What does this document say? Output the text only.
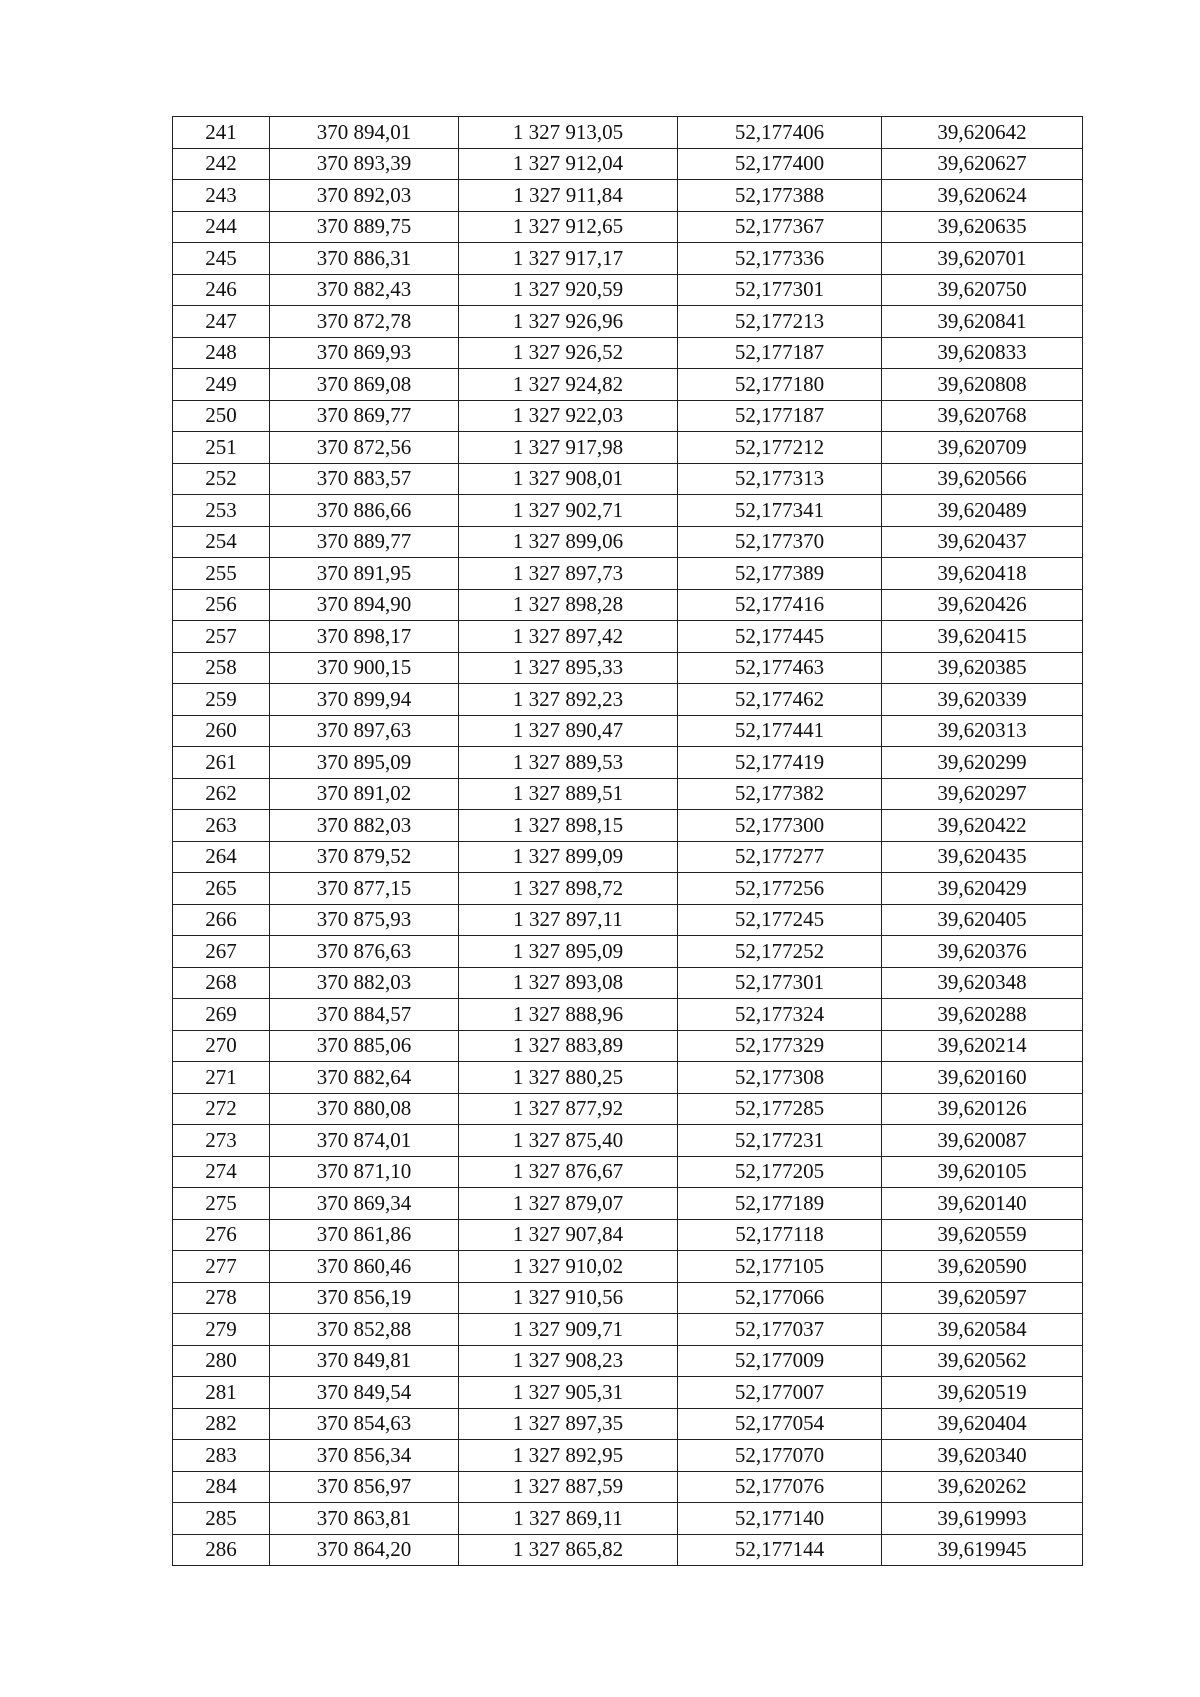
241	370 894,01	1 327 913,05	52,177406	39,620642
242	370 893,39	1 327 912,04	52,177400	39,620627
243	370 892,03	1 327 911,84	52,177388	39,620624
244	370 889,75	1 327 912,65	52,177367	39,620635
245	370 886,31	1 327 917,17	52,177336	39,620701
246	370 882,43	1 327 920,59	52,177301	39,620750
247	370 872,78	1 327 926,96	52,177213	39,620841
248	370 869,93	1 327 926,52	52,177187	39,620833
249	370 869,08	1 327 924,82	52,177180	39,620808
250	370 869,77	1 327 922,03	52,177187	39,620768
251	370 872,56	1 327 917,98	52,177212	39,620709
252	370 883,57	1 327 908,01	52,177313	39,620566
253	370 886,66	1 327 902,71	52,177341	39,620489
254	370 889,77	1 327 899,06	52,177370	39,620437
255	370 891,95	1 327 897,73	52,177389	39,620418
256	370 894,90	1 327 898,28	52,177416	39,620426
257	370 898,17	1 327 897,42	52,177445	39,620415
258	370 900,15	1 327 895,33	52,177463	39,620385
259	370 899,94	1 327 892,23	52,177462	39,620339
260	370 897,63	1 327 890,47	52,177441	39,620313
261	370 895,09	1 327 889,53	52,177419	39,620299
262	370 891,02	1 327 889,51	52,177382	39,620297
263	370 882,03	1 327 898,15	52,177300	39,620422
264	370 879,52	1 327 899,09	52,177277	39,620435
265	370 877,15	1 327 898,72	52,177256	39,620429
266	370 875,93	1 327 897,11	52,177245	39,620405
267	370 876,63	1 327 895,09	52,177252	39,620376
268	370 882,03	1 327 893,08	52,177301	39,620348
269	370 884,57	1 327 888,96	52,177324	39,620288
270	370 885,06	1 327 883,89	52,177329	39,620214
271	370 882,64	1 327 880,25	52,177308	39,620160
272	370 880,08	1 327 877,92	52,177285	39,620126
273	370 874,01	1 327 875,40	52,177231	39,620087
274	370 871,10	1 327 876,67	52,177205	39,620105
275	370 869,34	1 327 879,07	52,177189	39,620140
276	370 861,86	1 327 907,84	52,177118	39,620559
277	370 860,46	1 327 910,02	52,177105	39,620590
278	370 856,19	1 327 910,56	52,177066	39,620597
279	370 852,88	1 327 909,71	52,177037	39,620584
280	370 849,81	1 327 908,23	52,177009	39,620562
281	370 849,54	1 327 905,31	52,177007	39,620519
282	370 854,63	1 327 897,35	52,177054	39,620404
283	370 856,34	1 327 892,95	52,177070	39,620340
284	370 856,97	1 327 887,59	52,177076	39,620262
285	370 863,81	1 327 869,11	52,177140	39,619993
286	370 864,20	1 327 865,82	52,177144	39,619945
